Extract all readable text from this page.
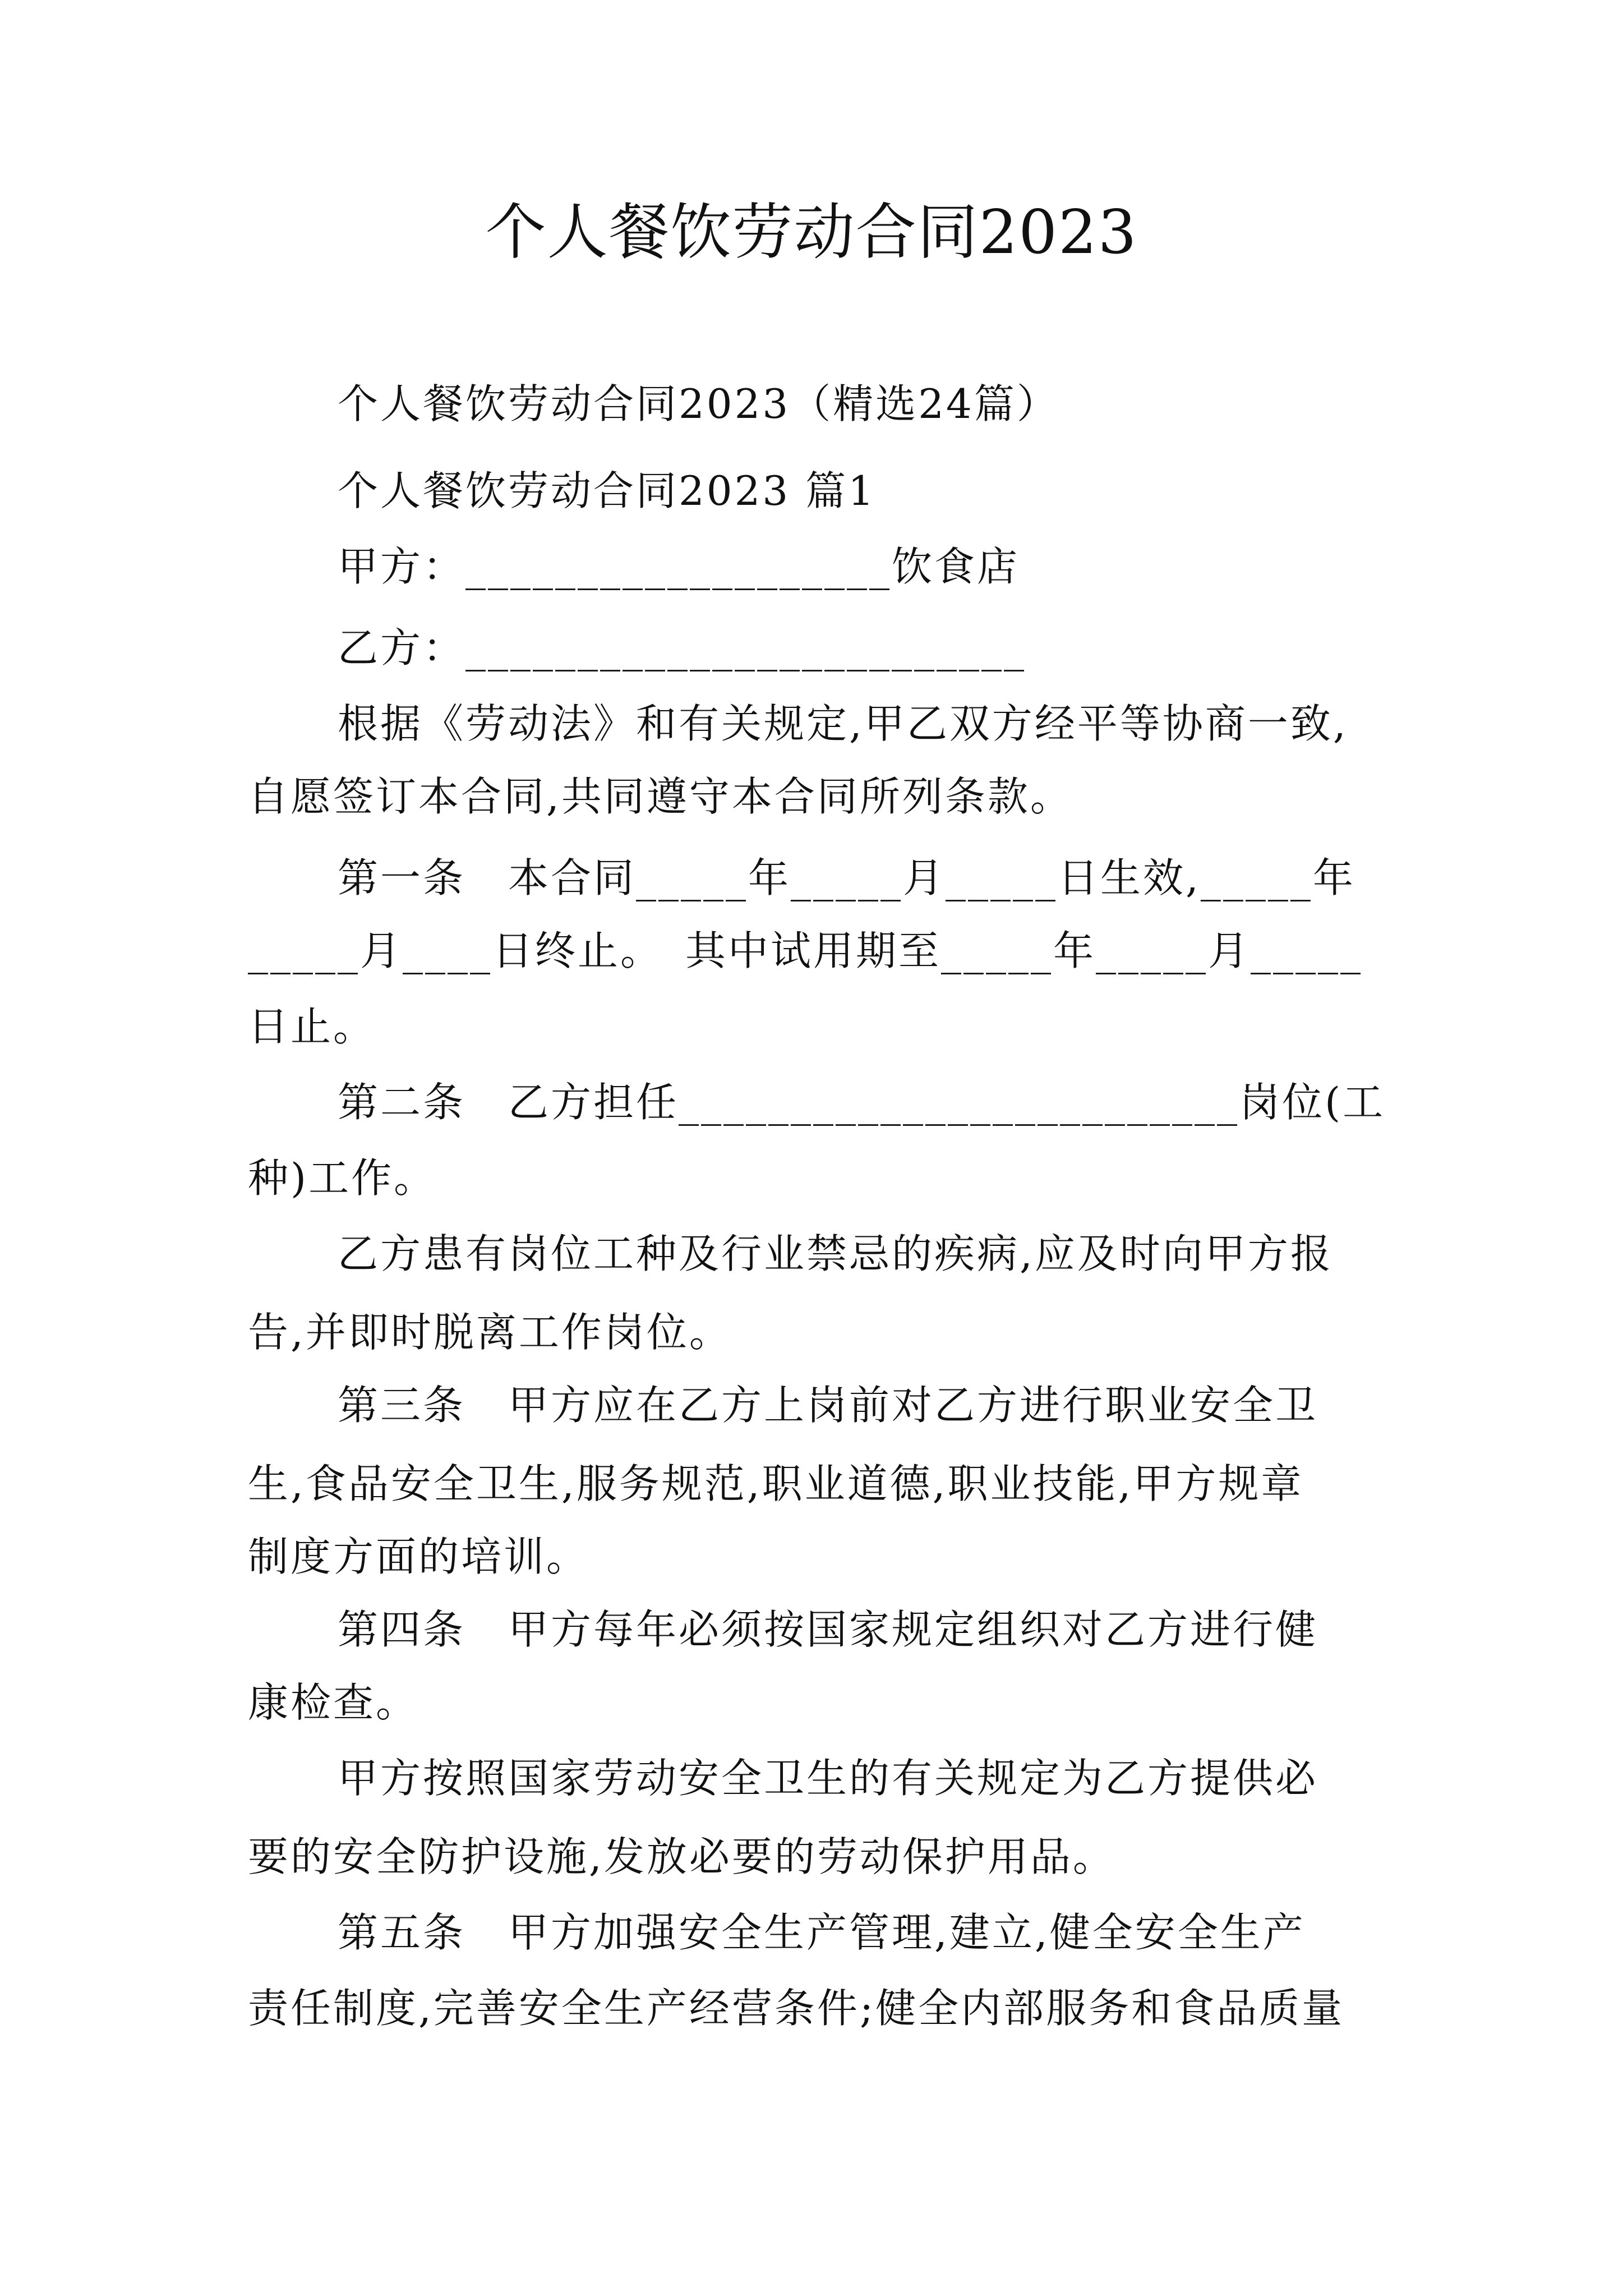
个人餐饮劳动合同2023
个人餐饮劳动合同2023（精选24篇）
个人餐饮劳动合同2023 篇1
甲方：___________________饮食店
乙方：_________________________
根据《劳动法》和有关规定,甲乙双方经平等协商一致,
自愿签订本合同,共同遵守本合同所列条款。
第一条　本合同_____年_____月_____日生效,_____年
_____月____日终止。　其中试用期至_____年_____月_____
日止。
第二条　乙方担任_________________________岗位(工
种)工作。
乙方患有岗位工种及行业禁忌的疾病,应及时向甲方报
告,并即时脱离工作岗位。
第三条　甲方应在乙方上岗前对乙方进行职业安全卫
生,食品安全卫生,服务规范,职业道德,职业技能,甲方规章
制度方面的培训。
第四条　甲方每年必须按国家规定组织对乙方进行健
康检查。
甲方按照国家劳动安全卫生的有关规定为乙方提供必
要的安全防护设施,发放必要的劳动保护用品。
第五条　甲方加强安全生产管理,建立,健全安全生产
责任制度,完善安全生产经营条件;健全内部服务和食品质量
